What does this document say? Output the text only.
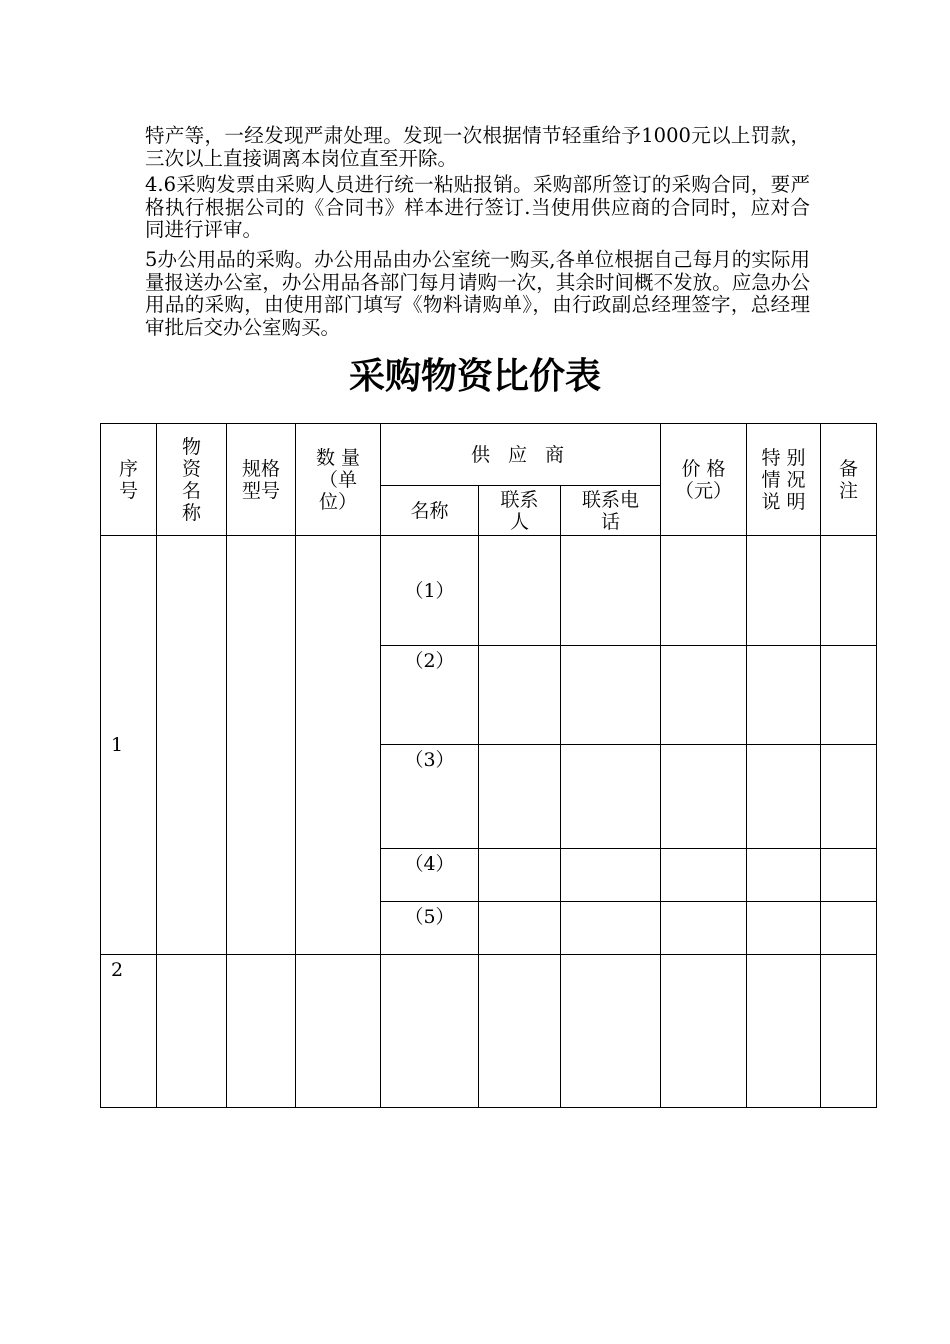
特产等，一经发现严肃处理。发现一次根据情节轻重给予1000元以上罚款，三次以上直接调离本岗位直至开除。

4.6采购发票由采购人员进行统一粘贴报销。采购部所签订的采购合同，要严格执行根据公司的《合同书》样本进行签订.当使用供应商的合同时，应对合同进行评审。

5办公用品的采购。办公用品由办公室统一购买,各单位根据自己每月的实际用量报送办公室，办公用品各部门每月请购一次，其余时间概不发放。应急办公用品的采购，由使用部门填写《物料请购单》，由行政副总经理签字，总经理审批后交办公室购买。

采购物资比价表
序号	物资名称	规格型号	数 量（单位）	供 应 商			价 格（元）	特 别 情 况 说 明	备注

				名称	联系人	联系电话			

1				（1）					
				（2）					
				（3）					
				（4）					
				（5）					
2									
